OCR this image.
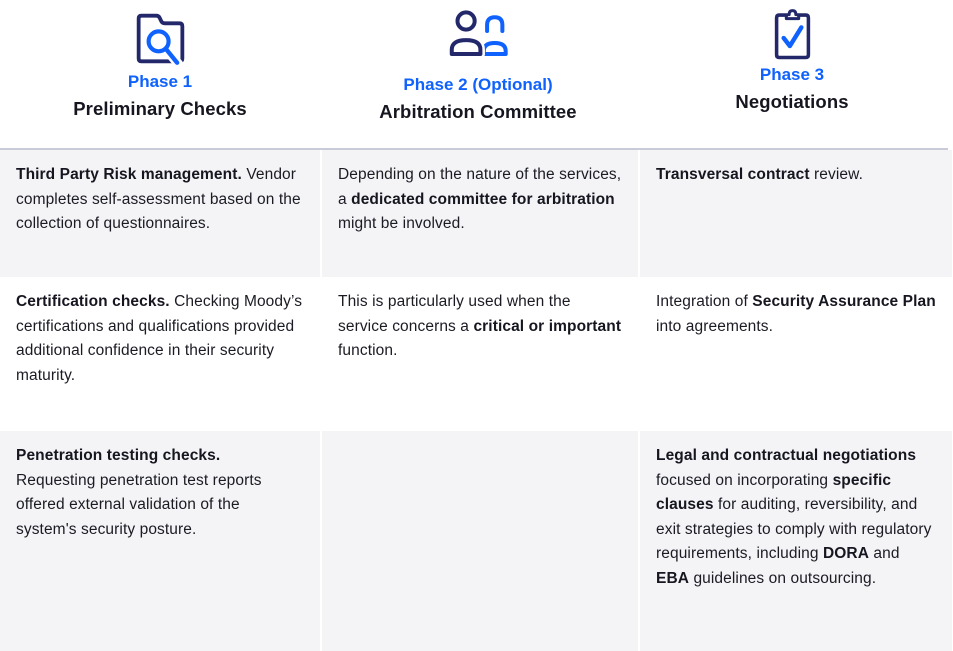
Phase 1
Preliminary Checks
Phase 2 (Optional)
Arbitration Committee
Phase 3
Negotiations
Third Party Risk management. Vendor completes self-assessment based on the collection of questionnaires.
Depending on the nature of the services, a dedicated committee for arbitration might be involved.
Transversal contract review.
Certification checks. Checking Moody’s certifications and qualifications provided additional confidence in their security maturity.
This is particularly used when the service concerns a critical or important function.
Integration of Security Assurance Plan into agreements.
Penetration testing checks. Requesting penetration test reports offered external validation of the system's security posture.
Legal and contractual negotiations focused on incorporating specific clauses for auditing, reversibility, and exit strategies to comply with regulatory requirements, including DORA and EBA guidelines on outsourcing.
